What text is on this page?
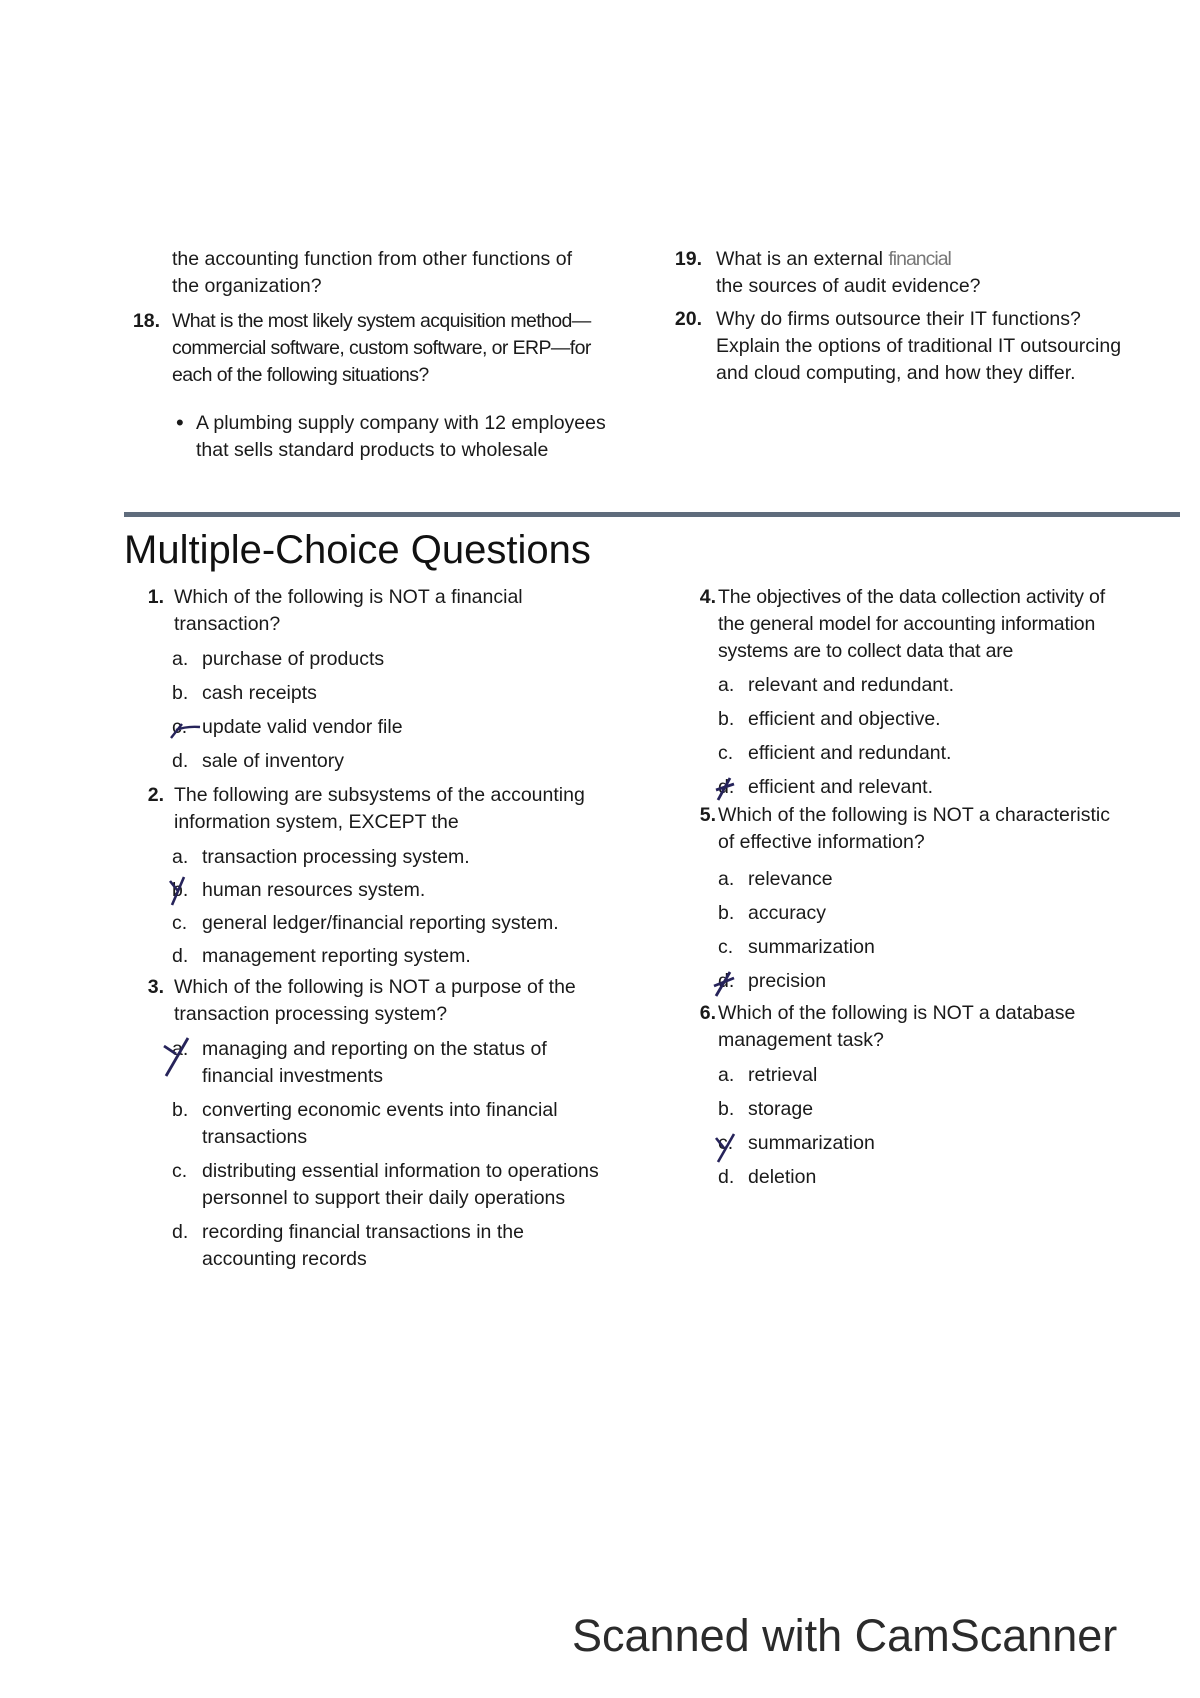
the accounting function from other functions of
the organization?
18. What is the most likely system acquisition method—
commercial software, custom software, or ERP—for
each of the following situations?
• A plumbing supply company with 12 employees
that sells standard products to wholesale
19. What is an external financial
the sources of audit evidence?
20. Why do firms outsource their IT functions?
Explain the options of traditional IT outsourcing
and cloud computing, and how they differ.
Multiple-Choice Questions
1. Which of the following is NOT a financial
transaction?
a. purchase of products
b. cash receipts
c. update valid vendor file
d. sale of inventory
2. The following are subsystems of the accounting
information system, EXCEPT the
a. transaction processing system.
b. human resources system.
c. general ledger/financial reporting system.
d. management reporting system.
3. Which of the following is NOT a purpose of the
transaction processing system?
a. managing and reporting on the status of
financial investments
b. converting economic events into financial
transactions
c. distributing essential information to operations
personnel to support their daily operations
d. recording financial transactions in the
accounting records
4. The objectives of the data collection activity of
the general model for accounting information
systems are to collect data that are
a. relevant and redundant.
b. efficient and objective.
c. efficient and redundant.
d. efficient and relevant.
5. Which of the following is NOT a characteristic
of effective information?
a. relevance
b. accuracy
c. summarization
d. precision
6. Which of the following is NOT a database
management task?
a. retrieval
b. storage
c. summarization
d. deletion
Scanned with CamScanner
